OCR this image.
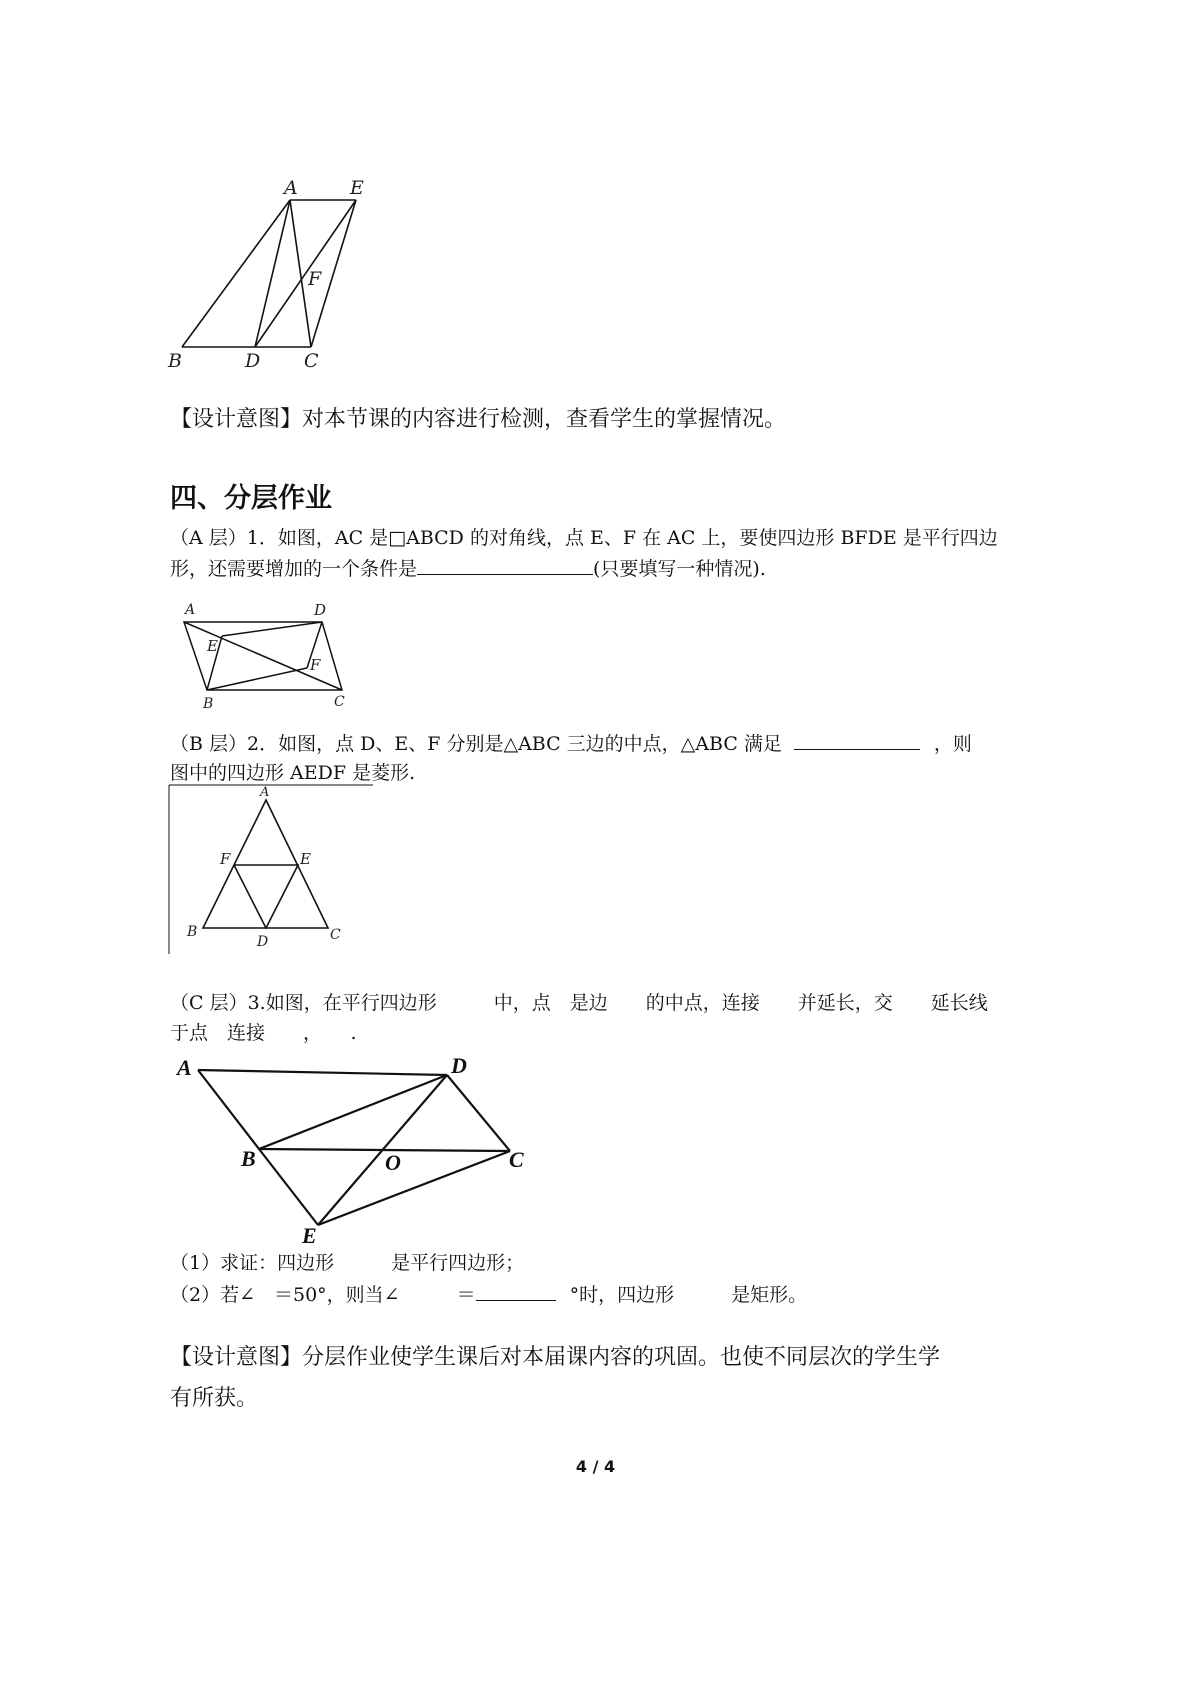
A	E
F
B	D C
【设计意图】对本节课的内容进行检测，查看学生的掌握情况。
四、分层作业
（A 层）1．如图，AC 是□ABCD 的对角线，点 E、F 在 AC 上，要使四边形 BFDE 是平行四边
形，还需要增加的一个条件是	(只要填写一种情况).
A	D
E
F
B	C
（B 层）2．如图，点 D、E、F 分别是△ABC 三边的中点，△ABC 满足	，则
图中的四边形 AEDF 是菱形.
A
F	E
B
D	C
（C 层）3.如图，在平行四边形　　　中，点　是边　　的中点，连接　　并延长，交　　延长线
于点　连接　　，　　.
A	D
B	O	C
E
（1）求证：四边形　　　是平行四边形；
（2）若∠　＝50°，则当∠　　　＝	°时，四边形　　　是矩形。
【设计意图】分层作业使学生课后对本届课内容的巩固。也使不同层次的学生学
有所获。
4 / 4
